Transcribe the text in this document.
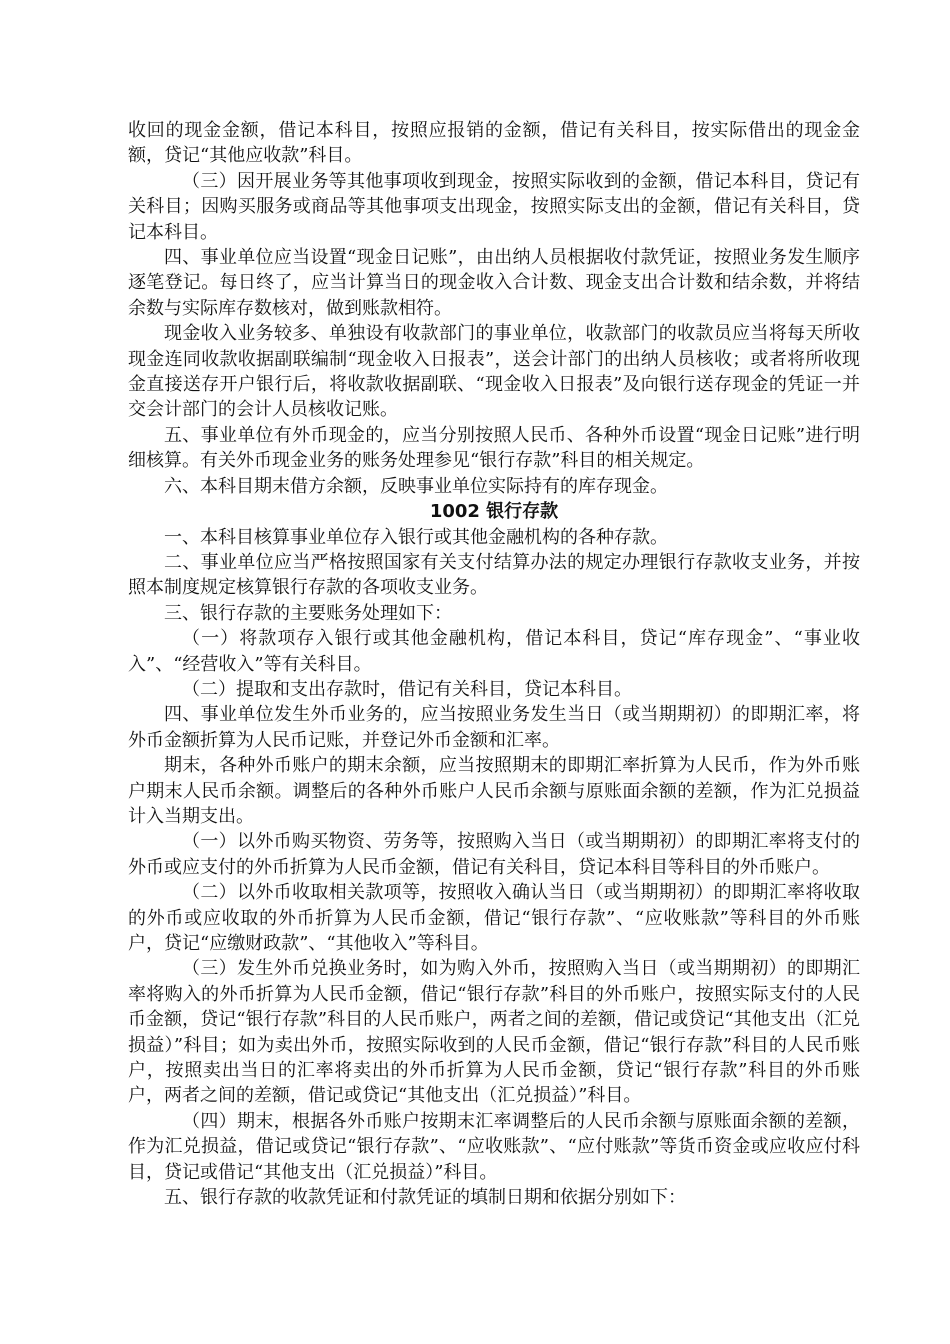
收回的现金金额，借记本科目，按照应报销的金额，借记有关科目，按实际借出的现金金额，贷记“其他应收款”科目。

（三）因开展业务等其他事项收到现金，按照实际收到的金额，借记本科目，贷记有关科目；因购买服务或商品等其他事项支出现金，按照实际支出的金额，借记有关科目，贷记本科目。

四、事业单位应当设置“现金日记账”，由出纳人员根据收付款凭证，按照业务发生顺序逐笔登记。每日终了，应当计算当日的现金收入合计数、现金支出合计数和结余数，并将结余数与实际库存数核对，做到账款相符。

现金收入业务较多、单独设有收款部门的事业单位，收款部门的收款员应当将每天所收现金连同收款收据副联编制“现金收入日报表”，送会计部门的出纳人员核收；或者将所收现金直接送存开户银行后，将收款收据副联、“现金收入日报表”及向银行送存现金的凭证一并交会计部门的会计人员核收记账。

五、事业单位有外币现金的，应当分别按照人民币、各种外币设置“现金日记账”进行明细核算。有关外币现金业务的账务处理参见“银行存款”科目的相关规定。

六、本科目期末借方余额，反映事业单位实际持有的库存现金。

1002 银行存款

一、本科目核算事业单位存入银行或其他金融机构的各种存款。

二、事业单位应当严格按照国家有关支付结算办法的规定办理银行存款收支业务，并按照本制度规定核算银行存款的各项收支业务。

三、银行存款的主要账务处理如下：

（一）将款项存入银行或其他金融机构，借记本科目，贷记“库存现金”、“事业收入”、“经营收入”等有关科目。

（二）提取和支出存款时，借记有关科目，贷记本科目。

四、事业单位发生外币业务的，应当按照业务发生当日（或当期期初）的即期汇率，将外币金额折算为人民币记账，并登记外币金额和汇率。

期末，各种外币账户的期末余额，应当按照期末的即期汇率折算为人民币，作为外币账户期末人民币余额。调整后的各种外币账户人民币余额与原账面余额的差额，作为汇兑损益计入当期支出。

（一）以外币购买物资、劳务等，按照购入当日（或当期期初）的即期汇率将支付的外币或应支付的外币折算为人民币金额，借记有关科目，贷记本科目等科目的外币账户。

（二）以外币收取相关款项等，按照收入确认当日（或当期期初）的即期汇率将收取的外币或应收取的外币折算为人民币金额，借记“银行存款”、“应收账款”等科目的外币账户，贷记“应缴财政款”、“其他收入”等科目。

（三）发生外币兑换业务时，如为购入外币，按照购入当日（或当期期初）的即期汇率将购入的外币折算为人民币金额，借记“银行存款”科目的外币账户，按照实际支付的人民币金额，贷记“银行存款”科目的人民币账户，两者之间的差额，借记或贷记“其他支出（汇兑损益）”科目；如为卖出外币，按照实际收到的人民币金额，借记“银行存款”科目的人民币账户，按照卖出当日的汇率将卖出的外币折算为人民币金额，贷记“银行存款”科目的外币账户，两者之间的差额，借记或贷记“其他支出（汇兑损益）”科目。

（四）期末，根据各外币账户按期末汇率调整后的人民币余额与原账面余额的差额，作为汇兑损益，借记或贷记“银行存款”、“应收账款”、“应付账款”等货币资金或应收应付科目，贷记或借记“其他支出（汇兑损益）”科目。

五、银行存款的收款凭证和付款凭证的填制日期和依据分别如下：
